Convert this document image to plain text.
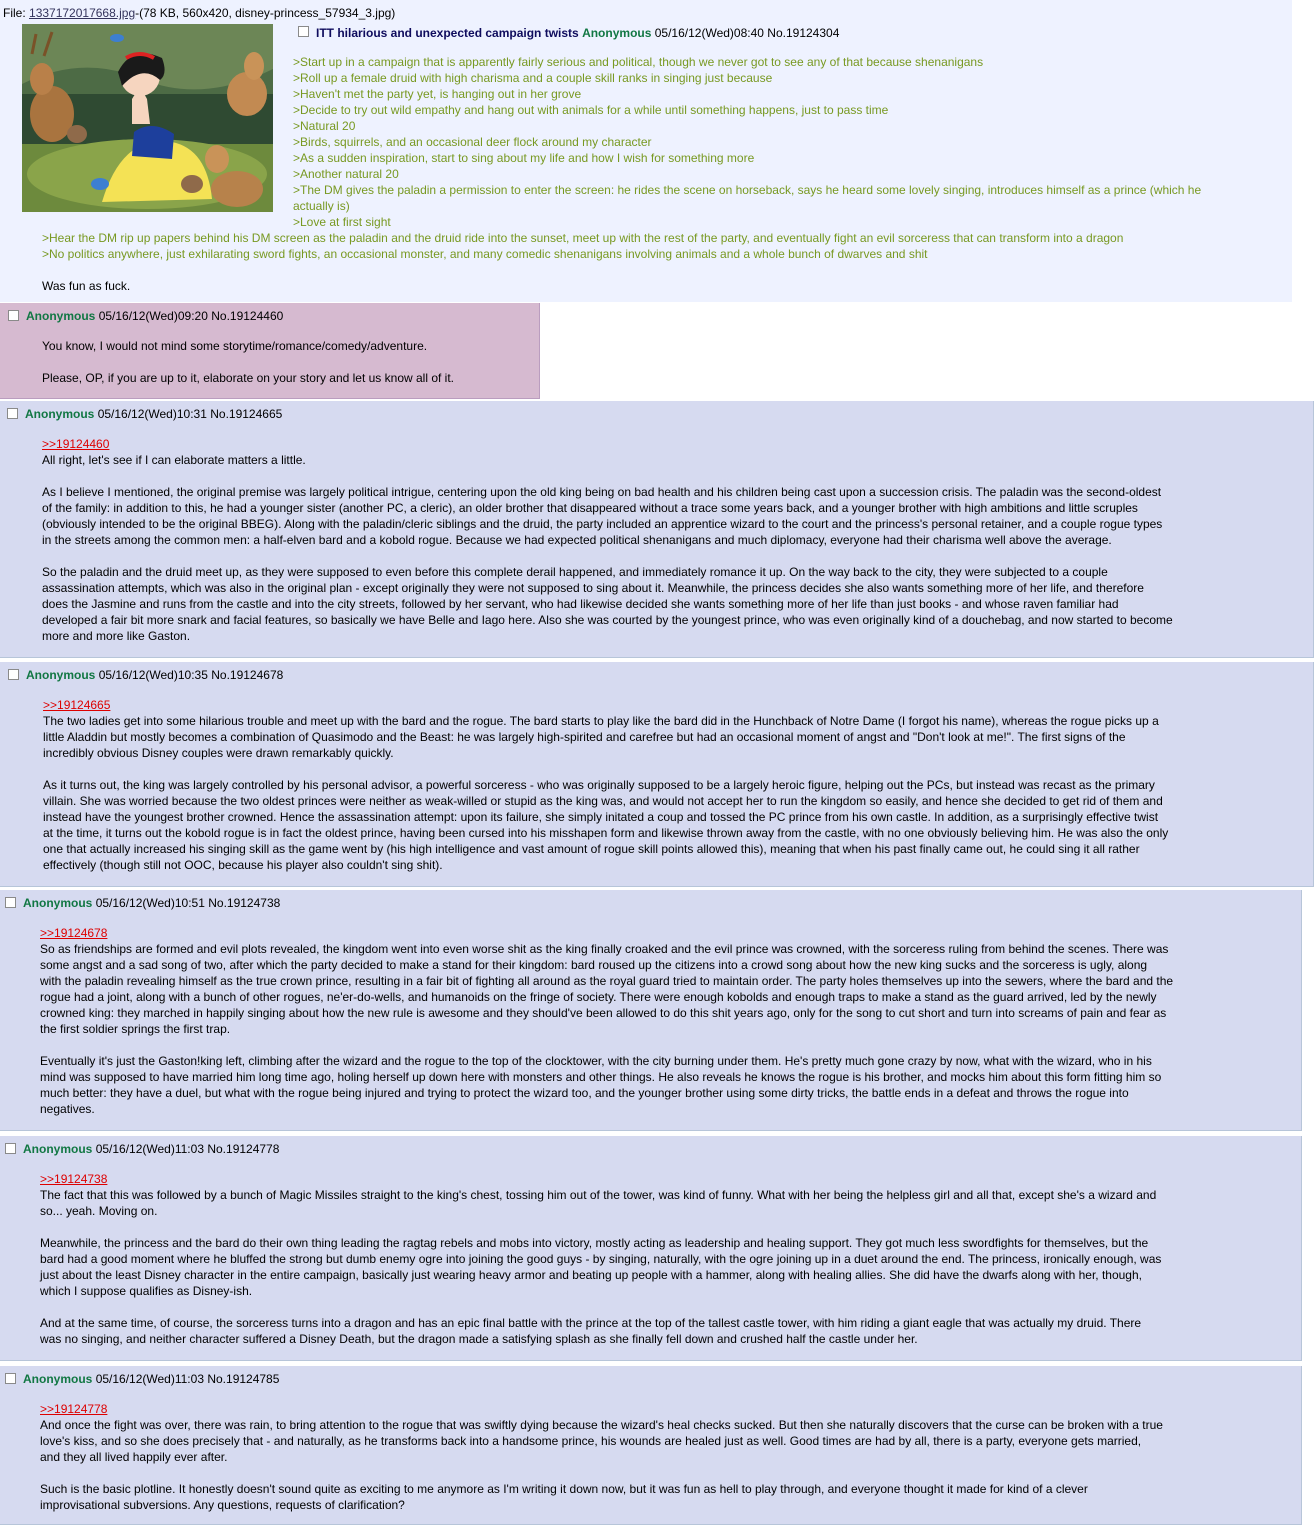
File: 1337172017668.jpg-(78 KB, 560x420, disney-princess_57934_3.jpg)
ITT hilarious and unexpected campaign twists Anonymous 05/16/12(Wed)08:40 No.19124304
>Start up in a campaign that is apparently fairly serious and political, though we never got to see any of that because shenanigans
>Roll up a female druid with high charisma and a couple skill ranks in singing just because
>Haven't met the party yet, is hanging out in her grove
>Decide to try out wild empathy and hang out with animals for a while until something happens, just to pass time
>Natural 20
>Birds, squirrels, and an occasional deer flock around my character
>As a sudden inspiration, start to sing about my life and how I wish for something more
>Another natural 20
>The DM gives the paladin a permission to enter the screen: he rides the scene on horseback, says he heard some lovely singing, introduces himself as a prince (which he
actually is)
>Love at first sight
>Hear the DM rip up papers behind his DM screen as the paladin and the druid ride into the sunset, meet up with the rest of the party, and eventually fight an evil sorceress that can transform into a dragon
>No politics anywhere, just exhilarating sword fights, an occasional monster, and many comedic shenanigans involving animals and a whole bunch of dwarves and shit
Was fun as fuck.
Anonymous 05/16/12(Wed)09:20 No.19124460

You know, I would not mind some storytime/romance/comedy/adventure.

Please, OP, if you are up to it, elaborate on your story and let us know all of it.

Anonymous 05/16/12(Wed)10:31 No.19124665
>>19124460

All right, let's see if I can elaborate matters a little.

As I believe I mentioned, the original premise was largely political intrigue, centering upon the old king being on bad health and his children being cast upon a succession crisis. The paladin was the second-oldest
of the family: in addition to this, he had a younger sister (another PC, a cleric), an older brother that disappeared without a trace some years back, and a younger brother with high ambitions and little scruples
(obviously intended to be the original BBEG). Along with the paladin/cleric siblings and the druid, the party included an apprentice wizard to the court and the princess's personal retainer, and a couple rogue types
in the streets among the common men: a half-elven bard and a kobold rogue. Because we had expected political shenanigans and much diplomacy, everyone had their charisma well above the average.

So the paladin and the druid meet up, as they were supposed to even before this complete derail happened, and immediately romance it up. On the way back to the city, they were subjected to a couple
assassination attempts, which was also in the original plan - except originally they were not supposed to sing about it. Meanwhile, the princess decides she also wants something more of her life, and therefore
does the Jasmine and runs from the castle and into the city streets, followed by her servant, who had likewise decided she wants something more of her life than just books - and whose raven familiar had
developed a fair bit more snark and facial features, so basically we have Belle and Iago here. Also she was courted by the youngest prince, who was even originally kind of a douchebag, and now started to become
more and more like Gaston.

Anonymous 05/16/12(Wed)10:35 No.19124678
>>19124665

The two ladies get into some hilarious trouble and meet up with the bard and the rogue. The bard starts to play like the bard did in the Hunchback of Notre Dame (I forgot his name), whereas the rogue picks up a
little Aladdin but mostly becomes a combination of Quasimodo and the Beast: he was largely high-spirited and carefree but had an occasional moment of angst and "Don't look at me!". The first signs of the
incredibly obvious Disney couples were drawn remarkably quickly.

As it turns out, the king was largely controlled by his personal advisor, a powerful sorceress - who was originally supposed to be a largely heroic figure, helping out the PCs, but instead was recast as the primary
villain. She was worried because the two oldest princes were neither as weak-willed or stupid as the king was, and would not accept her to run the kingdom so easily, and hence she decided to get rid of them and
instead have the youngest brother crowned. Hence the assassination attempt: upon its failure, she simply initated a coup and tossed the PC prince from his own castle. In addition, as a surprisingly effective twist
at the time, it turns out the kobold rogue is in fact the oldest prince, having been cursed into his misshapen form and likewise thrown away from the castle, with no one obviously believing him. He was also the only
one that actually increased his singing skill as the game went by (his high intelligence and vast amount of rogue skill points allowed this), meaning that when his past finally came out, he could sing it all rather
effectively (though still not OOC, because his player also couldn't sing shit).

Anonymous 05/16/12(Wed)10:51 No.19124738
>>19124678

So as friendships are formed and evil plots revealed, the kingdom went into even worse shit as the king finally croaked and the evil prince was crowned, with the sorceress ruling from behind the scenes. There was
some angst and a sad song of two, after which the party decided to make a stand for their kingdom: bard roused up the citizens into a crowd song about how the new king sucks and the sorceress is ugly, along
with the paladin revealing himself as the true crown prince, resulting in a fair bit of fighting all around as the royal guard tried to maintain order. The party holes themselves up into the sewers, where the bard and the
rogue had a joint, along with a bunch of other rogues, ne'er-do-wells, and humanoids on the fringe of society. There were enough kobolds and enough traps to make a stand as the guard arrived, led by the newly
crowned king: they marched in happily singing about how the new rule is awesome and they should've been allowed to do this shit years ago, only for the song to cut short and turn into screams of pain and fear as
the first soldier springs the first trap.

Eventually it's just the Gaston!king left, climbing after the wizard and the rogue to the top of the clocktower, with the city burning under them. He's pretty much gone crazy by now, what with the wizard, who in his
mind was supposed to have married him long time ago, holing herself up down here with monsters and other things. He also reveals he knows the rogue is his brother, and mocks him about this form fitting him so
much better: they have a duel, but what with the rogue being injured and trying to protect the wizard too, and the younger brother using some dirty tricks, the battle ends in a defeat and throws the rogue into
negatives.

Anonymous 05/16/12(Wed)11:03 No.19124778
>>19124738

The fact that this was followed by a bunch of Magic Missiles straight to the king's chest, tossing him out of the tower, was kind of funny. What with her being the helpless girl and all that, except she's a wizard and
so... yeah. Moving on.

Meanwhile, the princess and the bard do their own thing leading the ragtag rebels and mobs into victory, mostly acting as leadership and healing support. They got much less swordfights for themselves, but the
bard had a good moment where he bluffed the strong but dumb enemy ogre into joining the good guys - by singing, naturally, with the ogre joining up in a duet around the end. The princess, ironically enough, was
just about the least Disney character in the entire campaign, basically just wearing heavy armor and beating up people with a hammer, along with healing allies. She did have the dwarfs along with her, though,
which I suppose qualifies as Disney-ish.

And at the same time, of course, the sorceress turns into a dragon and has an epic final battle with the prince at the top of the tallest castle tower, with him riding a giant eagle that was actually my druid. There
was no singing, and neither character suffered a Disney Death, but the dragon made a satisfying splash as she finally fell down and crushed half the castle under her.

Anonymous 05/16/12(Wed)11:03 No.19124785
>>19124778

And once the fight was over, there was rain, to bring attention to the rogue that was swiftly dying because the wizard's heal checks sucked. But then she naturally discovers that the curse can be broken with a true
love's kiss, and so she does precisely that - and naturally, as he transforms back into a handsome prince, his wounds are healed just as well. Good times are had by all, there is a party, everyone gets married,
and they all lived happily ever after.

Such is the basic plotline. It honestly doesn't sound quite as exciting to me anymore as I'm writing it down now, but it was fun as hell to play through, and everyone thought it made for kind of a clever
improvisational subversions. Any questions, requests of clarification?
